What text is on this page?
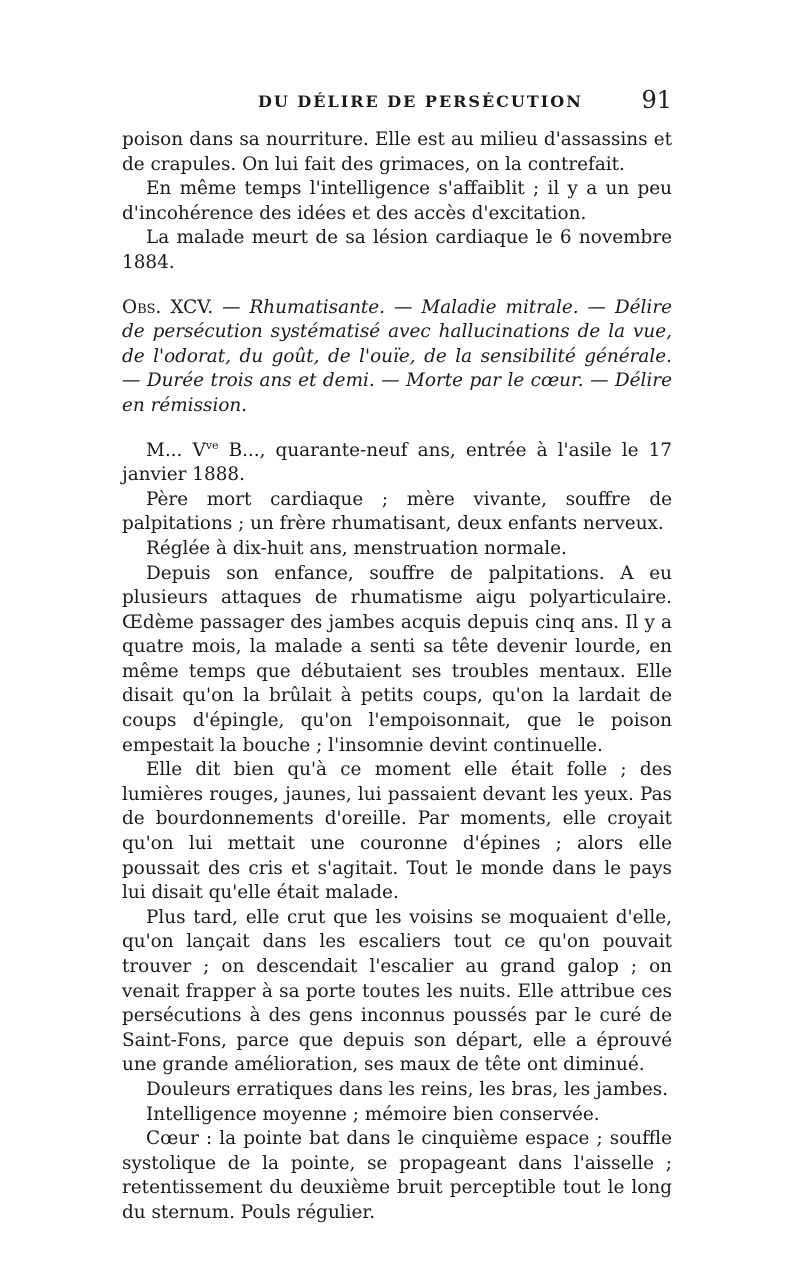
DU DÉLIRE DE PERSÉCUTION 91

poison dans sa nourriture. Elle est au milieu d'assassins et de crapules. On lui fait des grimaces, on la contrefait.

En même temps l'intelligence s'affaiblit ; il y a un peu d'incohérence des idées et des accès d'excitation.

La malade meurt de sa lésion cardiaque le 6 novembre 1884.

Obs. XCV. — Rhumatisante. — Maladie mitrale. — Délire de persécution systématisé avec hallucinations de la vue, de l'odorat, du goût, de l'ouïe, de la sensibilité générale. — Durée trois ans et demi. — Morte par le cœur. — Délire en rémission.

M... $V^{ve}$ B..., quarante-neuf ans, entrée à l'asile le 17 janvier 1888.

Père mort cardiaque ; mère vivante, souffre de palpitations ; un frère rhumatisant, deux enfants nerveux.

Réglée à dix-huit ans, menstruation normale.

Depuis son enfance, souffre de palpitations. A eu plusieurs attaques de rhumatisme aigu polyarticulaire. Œdème passager des jambes acquis depuis cinq ans. Il y a quatre mois, la malade a senti sa tête devenir lourde, en même temps que débutaient ses troubles mentaux. Elle disait qu'on la brûlait à petits coups, qu'on la lardait de coups d'épingle, qu'on l'empoisonnait, que le poison empestait la bouche ; l'insomnie devint continuelle.

Elle dit bien qu'à ce moment elle était folle ; des lumières rouges, jaunes, lui passaient devant les yeux. Pas de bourdonnements d'oreille. Par moments, elle croyait qu'on lui mettait une couronne d'épines ; alors elle poussait des cris et s'agitait. Tout le monde dans le pays lui disait qu'elle était malade.

Plus tard, elle crut que les voisins se moquaient d'elle, qu'on lançait dans les escaliers tout ce qu'on pouvait trouver ; on descendait l'escalier au grand galop ; on venait frapper à sa porte toutes les nuits. Elle attribue ces persécutions à des gens inconnus poussés par le curé de Saint-Fons, parce que depuis son départ, elle a éprouvé une grande amélioration, ses maux de tête ont diminué.

Douleurs erratiques dans les reins, les bras, les jambes.

Intelligence moyenne ; mémoire bien conservée.

Cœur : la pointe bat dans le cinquième espace ; souffle systolique de la pointe, se propageant dans l'aisselle ; retentissement du deuxième bruit perceptible tout le long du sternum. Pouls régulier.
